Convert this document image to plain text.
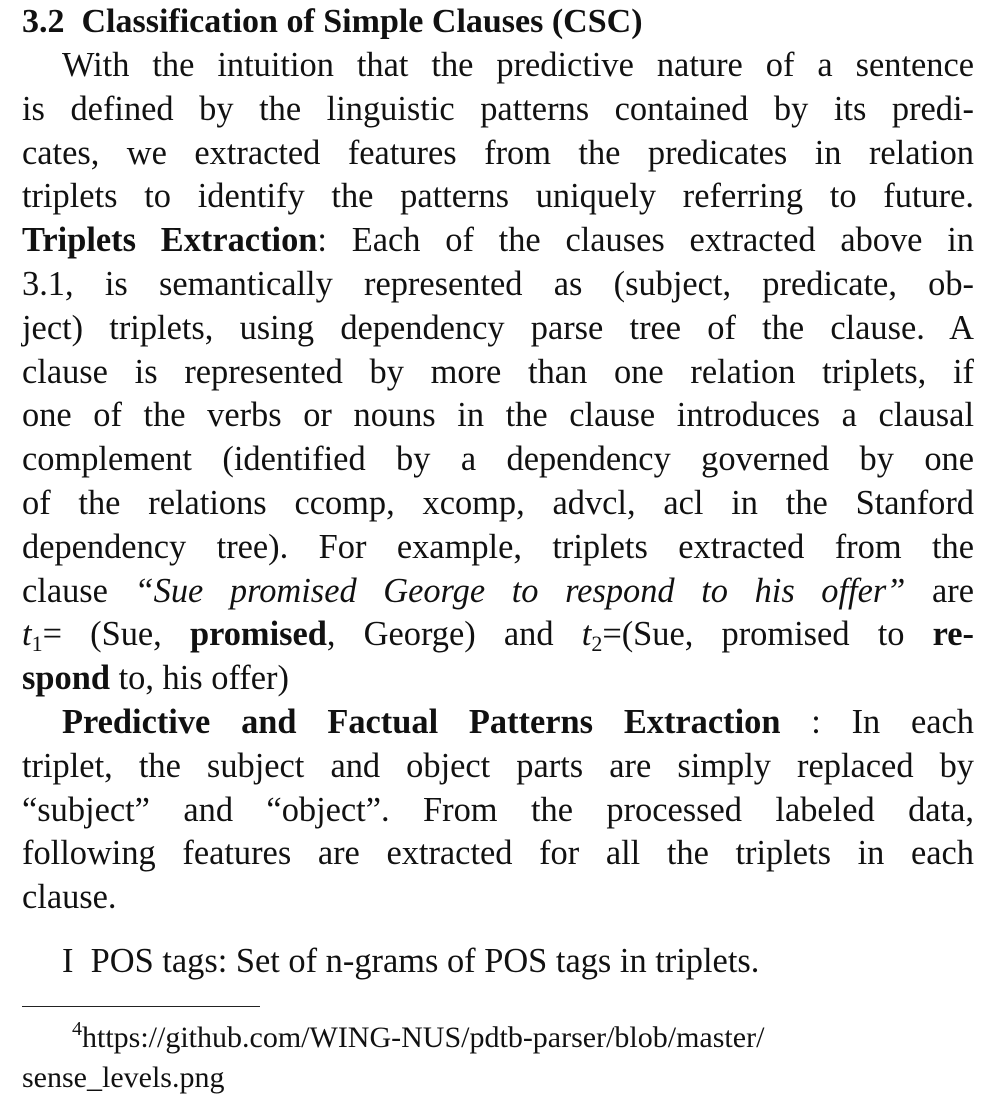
3.2 Classification of Simple Clauses (CSC)
With the intuition that the predictive nature of a sentence
is defined by the linguistic patterns contained by its predi-
cates, we extracted features from the predicates in relation
triplets to identify the patterns uniquely referring to future.
Triplets Extraction: Each of the clauses extracted above in
3.1, is semantically represented as (subject, predicate, ob-
ject) triplets, using dependency parse tree of the clause. A
clause is represented by more than one relation triplets, if
one of the verbs or nouns in the clause introduces a clausal
complement (identified by a dependency governed by one
of the relations ccomp, xcomp, advcl, acl in the Stanford
dependency tree). For example, triplets extracted from the
clause “Sue promised George to respond to his offer” are
$t_1= (Sue$, promised, George) and $t_2=(Sue$, promised to re-
spond to, his offer)
Predictive and Factual Patterns Extraction : In each
triplet, the subject and object parts are simply replaced by
“subject” and “object”. From the processed labeled data,
following features are extracted for all the triplets in each
clause.

I POS tags: Set of n-grams of POS tags in triplets.

$^4$https://github.com/WING-NUS/pdtb-parser/blob/master/
sense_levels.png
